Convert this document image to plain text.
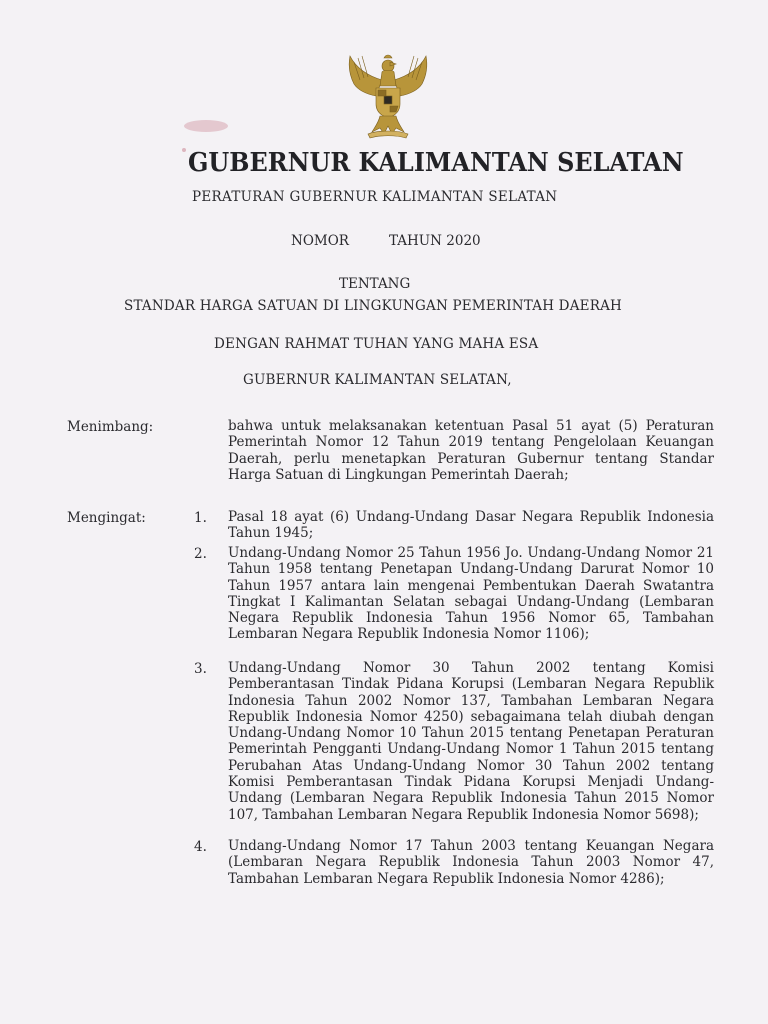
GUBERNUR KALIMANTAN SELATAN
PERATURAN GUBERNUR KALIMANTAN SELATAN
NOMOR	TAHUN 2020
TENTANG
STANDAR HARGA SATUAN DI LINGKUNGAN PEMERINTAH DAERAH
DENGAN RAHMAT TUHAN YANG MAHA ESA
GUBERNUR KALIMANTAN SELATAN,
Menimbang:	bahwa untuk melaksanakan ketentuan Pasal 51 ayat (5) Peraturan Pemerintah Nomor 12 Tahun 2019 tentang Pengelolaan Keuangan Daerah, perlu menetapkan Peraturan Gubernur tentang Standar Harga Satuan di Lingkungan Pemerintah Daerah;
Mengingat:	1. Pasal 18 ayat (6) Undang-Undang Dasar Negara Republik Indonesia Tahun 1945;
2. Undang-Undang Nomor 25 Tahun 1956 Jo. Undang-Undang Nomor 21 Tahun 1958 tentang Penetapan Undang-Undang Darurat Nomor 10 Tahun 1957 antara lain mengenai Pembentukan Daerah Swatantra Tingkat I Kalimantan Selatan sebagai Undang-Undang (Lembaran Negara Republik Indonesia Tahun 1956 Nomor 65, Tambahan Lembaran Negara Republik Indonesia Nomor 1106);
3. Undang-Undang Nomor 30 Tahun 2002 tentang Komisi Pemberantasan Tindak Pidana Korupsi (Lembaran Negara Republik Indonesia Tahun 2002 Nomor 137, Tambahan Lembaran Negara Republik Indonesia Nomor 4250) sebagaimana telah diubah dengan Undang-Undang Nomor 10 Tahun 2015 tentang Penetapan Peraturan Pemerintah Pengganti Undang-Undang Nomor 1 Tahun 2015 tentang Perubahan Atas Undang-Undang Nomor 30 Tahun 2002 tentang Komisi Pemberantasan Tindak Pidana Korupsi Menjadi Undang-Undang (Lembaran Negara Republik Indonesia Tahun 2015 Nomor 107, Tambahan Lembaran Negara Republik Indonesia Nomor 5698);
4. Undang-Undang Nomor 17 Tahun 2003 tentang Keuangan Negara (Lembaran Negara Republik Indonesia Tahun 2003 Nomor 47, Tambahan Lembaran Negara Republik Indonesia Nomor 4286);
